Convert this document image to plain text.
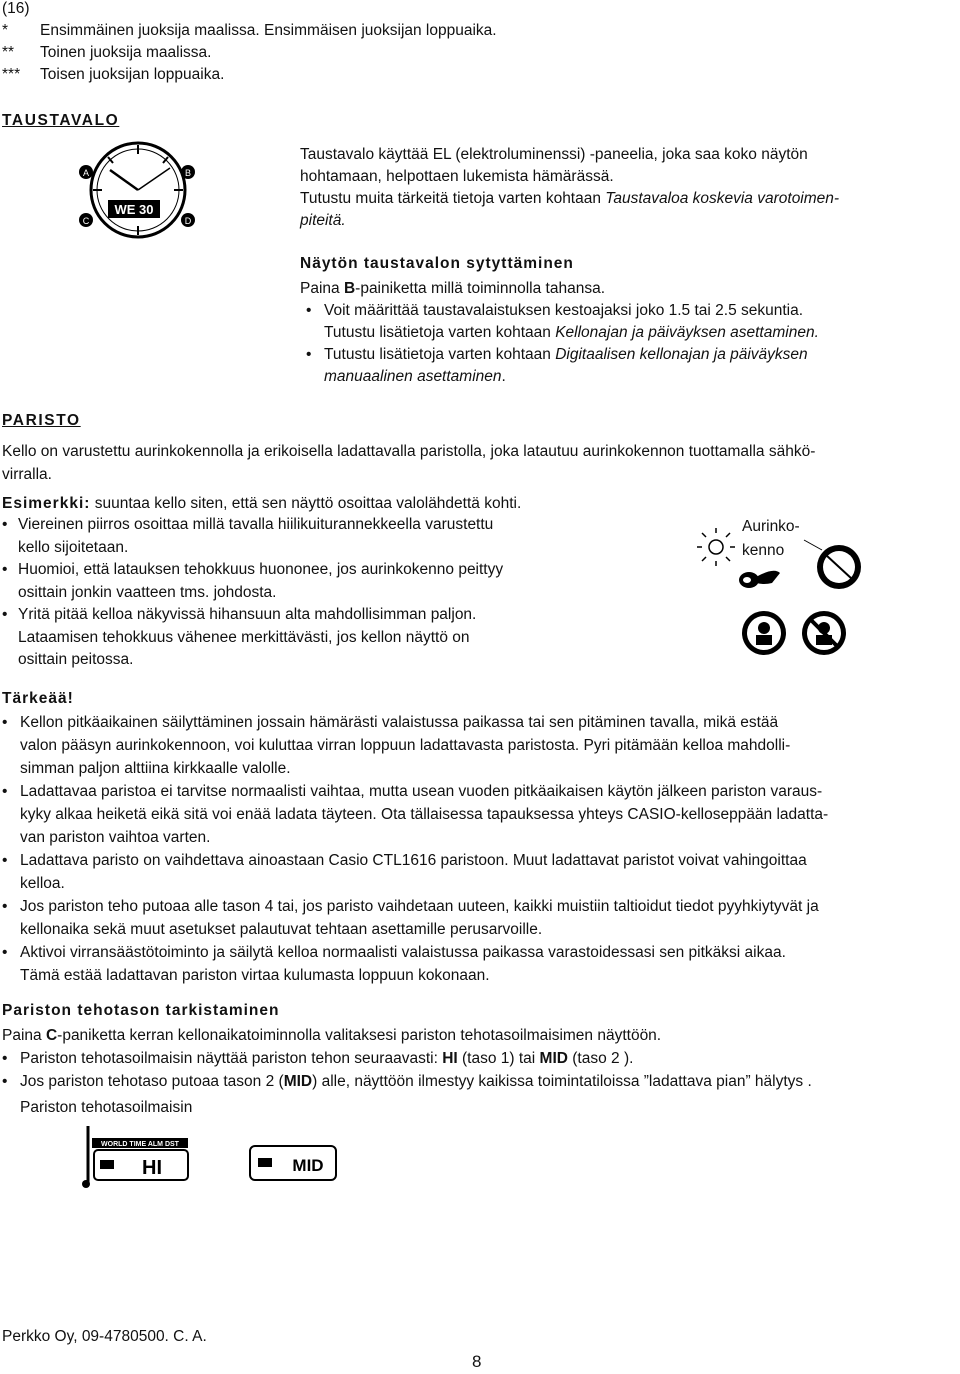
(16)
* Ensimmäinen juoksija maalissa. Ensimmäisen juoksijan loppuaika.
** Toinen juoksija maalissa.
*** Toisen juoksijan loppuaika.
TAUSTAVALO
WE 30
A	B
C	D
Taustavalo käyttää EL (elektroluminenssi) -paneelia, joka saa koko näytön
hohtamaan, helpottaen lukemista hämärässä.
Tutustu muita tärkeitä tietoja varten kohtaan Taustavaloa koskevia varotoimen-
piteitä.
Näytön taustavalon sytyttäminen
Paina B-painiketta millä toiminnolla tahansa.
• Voit määrittää taustavalaistuksen kestoajaksi joko 1.5 tai 2.5 sekuntia.
Tutustu lisätietoja varten kohtaan Kellonajan ja päiväyksen asettaminen.
• Tutustu lisätietoja varten kohtaan Digitaalisen kellonajan ja päiväyksen
manuaalinen asettaminen.
PARISTO
Kello on varustettu aurinkokennolla ja erikoisella ladattavalla paristolla, joka latautuu aurinkokennon tuottamalla sähkö-
virralla.
Esimerkki: suuntaa kello siten, että sen näyttö osoittaa valolähdettä kohti.
• Viereinen piirros osoittaa millä tavalla hiilikuiturannekkeella varustettu
kello sijoitetaan.
• Huomioi, että latauksen tehokkuus huononee, jos aurinkokenno peittyy
osittain jonkin vaatteen tms. johdosta.
• Yritä pitää kelloa näkyvissä hihansuun alta mahdollisimman paljon.
Lataamisen tehokkuus vähenee merkittävästi, jos kellon näyttö on
osittain peitossa.
Aurinko-
kenno
Tärkeää!
• Kellon pitkäaikainen säilyttäminen jossain hämärästi valaistussa paikassa tai sen pitäminen tavalla, mikä estää
valon pääsyn aurinkokennoon, voi kuluttaa virran loppuun ladattavasta paristosta. Pyri pitämään kelloa mahdolli-
simman paljon alttiina kirkkaalle valolle.
• Ladattavaa paristoa ei tarvitse normaalisti vaihtaa, mutta usean vuoden pitkäaikaisen käytön jälkeen pariston varaus-
kyky alkaa heiketä eikä sitä voi enää ladata täyteen. Ota tällaisessa tapauksessa yhteys CASIO-kelloseppään ladatta-
van pariston vaihtoa varten.
• Ladattava paristo on vaihdettava ainoastaan Casio CTL1616 paristoon. Muut ladattavat paristot voivat vahingoittaa
kelloa.
• Jos pariston teho putoaa alle tason 4 tai, jos paristo vaihdetaan uuteen, kaikki muistiin taltioidut tiedot pyyhkiytyvät ja
kellonaika sekä muut asetukset palautuvat tehtaan asettamille perusarvoille.
• Aktivoi virransäästötoiminto ja säilytä kelloa normaalisti valaistussa paikassa varastoidessasi sen pitkäksi aikaa.
Tämä estää ladattavan pariston virtaa kulumasta loppuun kokonaan.
Pariston tehotason tarkistaminen
Paina C-paniketta kerran kellonaikatoiminnolla valitaksesi pariston tehotasoilmaisimen näyttöön.
• Pariston tehotasoilmaisin näyttää pariston tehon seuraavasti: HI (taso 1) tai MID (taso 2 ).
• Jos pariston tehotaso putoaa tason 2 (MID) alle, näyttöön ilmestyy kaikissa toimintatiloissa ”ladattava pian” hälytys .
Pariston tehotasoilmaisin
WORLD TIME ALM DST
HI	MID
Perkko Oy, 09-4780500. C. A.
8
